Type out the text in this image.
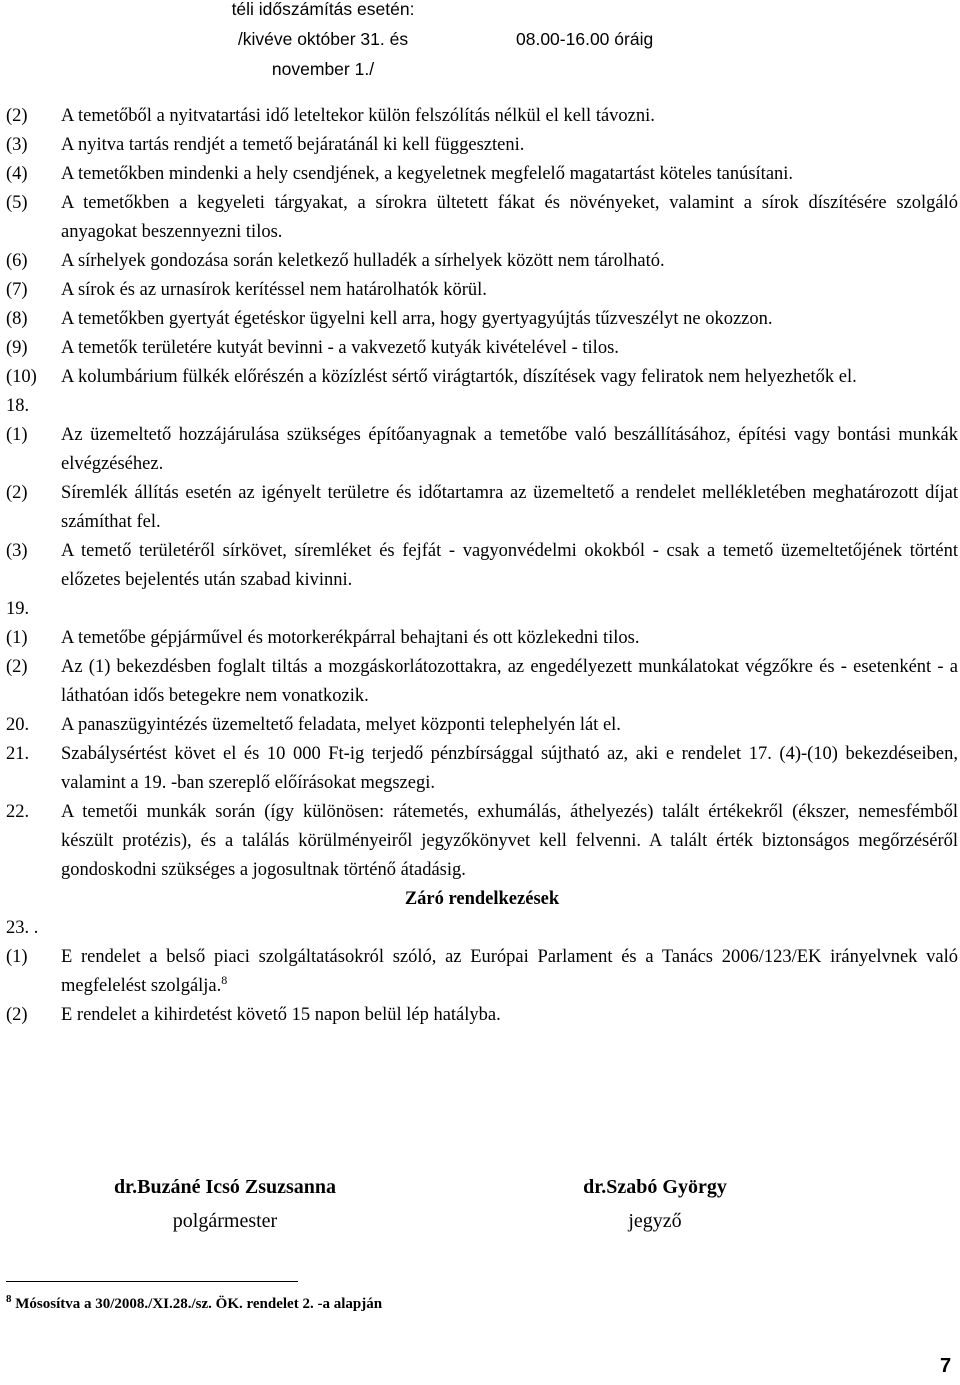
téli időszámítás esetén:
/kivéve október 31. és
november 1./
08.00-16.00 óráig
(2) A temetőből a nyitvatartási idő leteltekor külön felszólítás nélkül el kell távozni.
(3) A nyitva tartás rendjét a temető bejáratánál ki kell függeszteni.
(4) A temetőkben mindenki a hely csendjének, a kegyeletnek megfelelő magatartást köteles tanúsítani.
(5) A temetőkben a kegyeleti tárgyakat, a sírokra ültetett fákat és növényeket, valamint a sírok díszítésére szolgáló anyagokat beszennyezni tilos.
(6) A sírhelyek gondozása során keletkező hulladék a sírhelyek között nem tárolható.
(7) A sírok és az urnasírok kerítéssel nem határolhatók körül.
(8) A temetőkben gyertyát égetéskor ügyelni kell arra, hogy gyertyagyújtás tűzveszélyt ne okozzon.
(9) A temetők területére kutyát bevinni - a vakvezető kutyák kivételével - tilos.
(10) A kolumbárium fülkék előrészén a közízlést sértő virágtartók, díszítések vagy feliratok nem helyezhetők el.
18.
(1) Az üzemeltető hozzájárulása szükséges építőanyagnak a temetőbe való beszállításához, építési vagy bontási munkák elvégzéséhez.
(2) Síremlék állítás esetén az igényelt területre és időtartamra az üzemeltető a rendelet mellékletében meghatározott díjat számíthat fel.
(3) A temető területéről sírkövet, síremléket és fejfát - vagyonvédelmi okokból - csak a temető üzemeltetőjének történt előzetes bejelentés után szabad kivinni.
19.
(1) A temetőbe gépjárművel és motorkerékpárral behajtani és ott közlekedni tilos.
(2) Az (1) bekezdésben foglalt tiltás a mozgáskorlátozottakra, az engedélyezett munkálatokat végzőkre és - esetenként - a láthatóan idős betegekre nem vonatkozik.
20. A panaszügyintézés üzemeltető feladata, melyet központi telephelyén lát el.
21. Szabálysértést követ el és 10 000 Ft-ig terjedő pénzbírsággal sújtható az, aki e rendelet 17. (4)-(10) bekezdéseiben, valamint a 19. -ban szereplő előírásokat megszegi.
22. A temetői munkák során (így különösen: rátemetés, exhumálás, áthelyezés) talált értékekről (ékszer, nemesfémből készült protézis), és a találás körülményeiről jegyzőkönyvet kell felvenni. A talált érték biztonságos megőrzéséről gondoskodni szükséges a jogosultnak történő átadásig.
Záró rendelkezések
23. .
(1) E rendelet a belső piaci szolgáltatásokról szóló, az Európai Parlament és a Tanács 2006/123/EK irányelvnek való megfelelést szolgálja.$^8$
(2) E rendelet a kihirdetést követő 15 napon belül lép hatályba.
dr.Buzáné Icsó Zsuzsanna
polgármester
dr.Szabó György
jegyző
$^8$ Mósosítva a 30/2008./XI.28./sz. ÖK. rendelet 2. -a alapján
7
